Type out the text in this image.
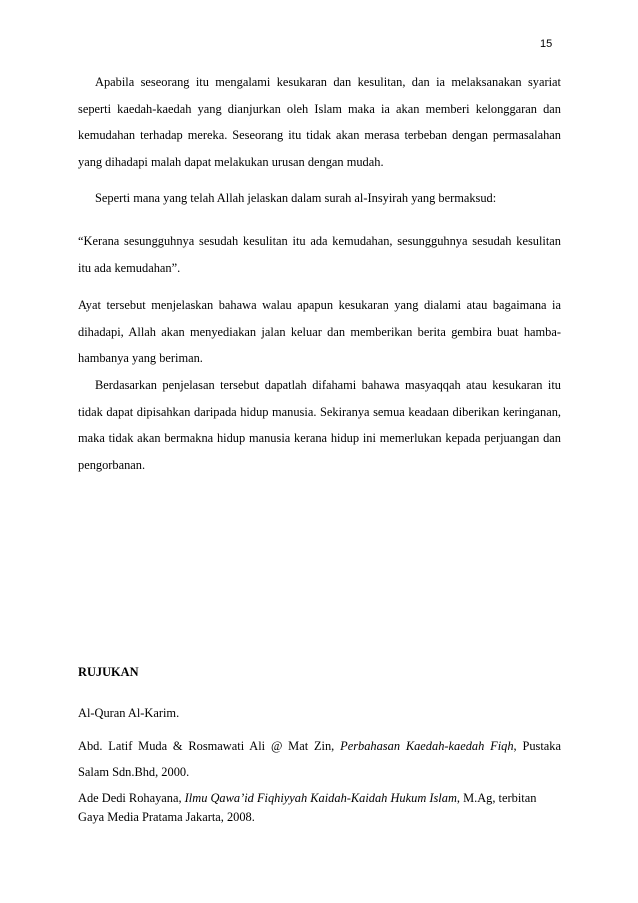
15

Apabila seseorang itu mengalami kesukaran dan kesulitan, dan ia melaksanakan syariat seperti kaedah-kaedah yang dianjurkan oleh Islam maka ia akan memberi kelonggaran dan kemudahan terhadap mereka. Seseorang itu tidak akan merasa terbeban dengan permasalahan yang dihadapi malah dapat melakukan urusan dengan mudah.

Seperti mana yang telah Allah jelaskan dalam surah al-Insyirah yang bermaksud:

“Kerana sesungguhnya sesudah kesulitan itu ada kemudahan, sesungguhnya sesudah kesulitan itu ada kemudahan”.

Ayat tersebut menjelaskan bahawa walau apapun kesukaran yang dialami atau bagaimana ia dihadapi, Allah akan menyediakan jalan keluar dan memberikan berita gembira buat hamba-hambanya yang beriman.

Berdasarkan penjelasan tersebut dapatlah difahami bahawa masyaqqah atau kesukaran itu tidak dapat dipisahkan daripada hidup manusia. Sekiranya semua keadaan diberikan keringanan, maka tidak akan bermakna hidup manusia kerana hidup ini memerlukan kepada perjuangan dan pengorbanan.

RUJUKAN

Al-Quran Al-Karim.

Abd. Latif Muda & Rosmawati Ali @ Mat Zin, Perbahasan Kaedah-kaedah Fiqh, Pustaka Salam Sdn.Bhd, 2000.

Ade Dedi Rohayana, Ilmu Qawa’id Fiqhiyyah Kaidah-Kaidah Hukum Islam, M.Ag, terbitan Gaya Media Pratama Jakarta, 2008.
